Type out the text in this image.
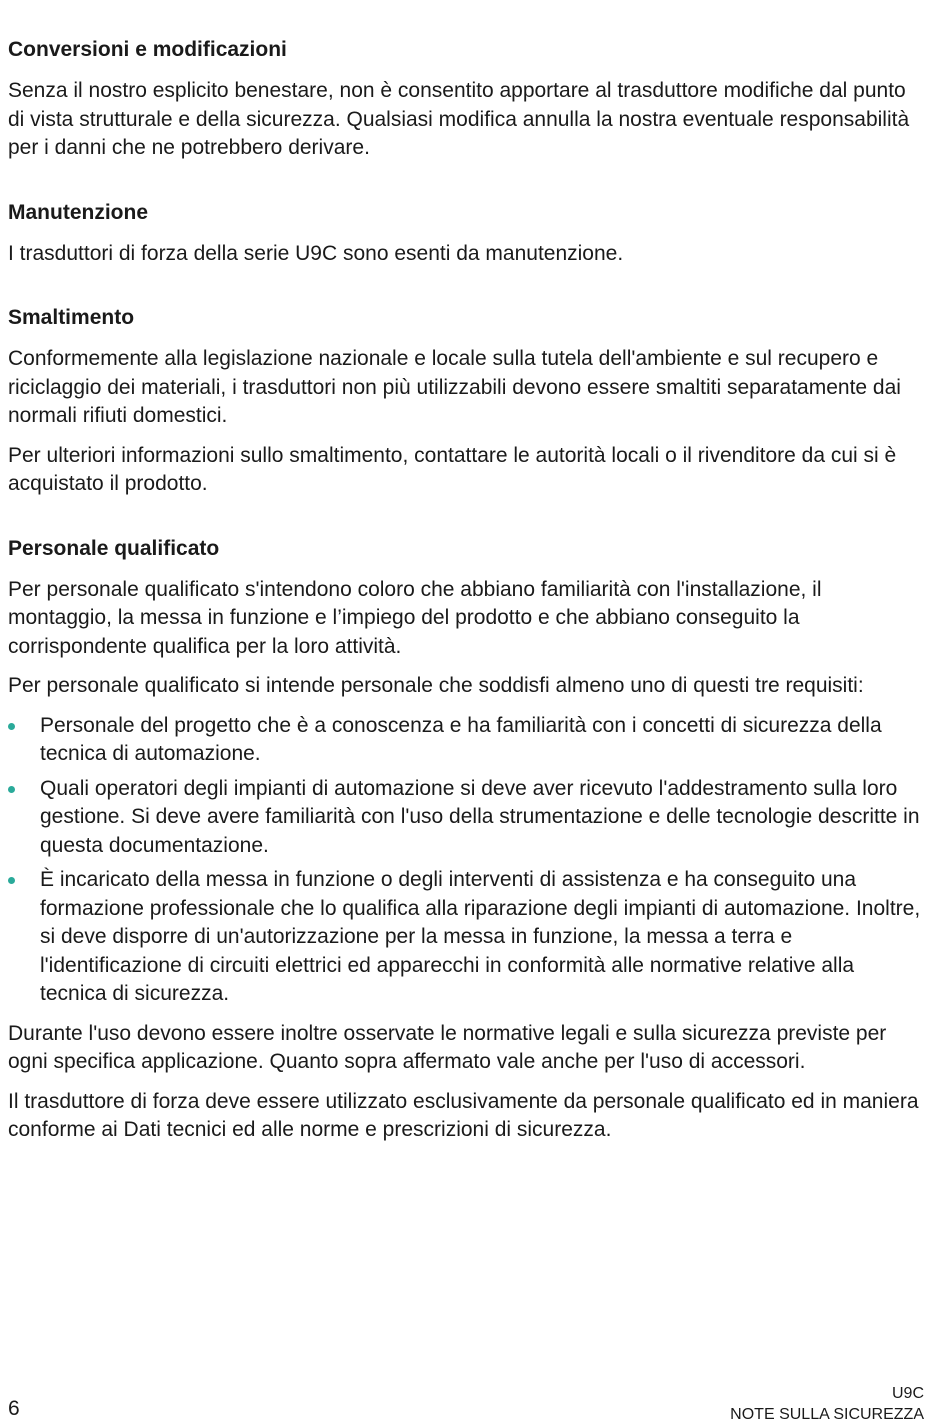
Conversioni e modificazioni

Senza il nostro esplicito benestare, non è consentito apportare al trasduttore modifiche dal punto di vista strutturale e della sicurezza. Qualsiasi modifica annulla la nostra eventuale responsabilità per i danni che ne potrebbero derivare.

Manutenzione

I trasduttori di forza della serie U9C sono esenti da manutenzione.

Smaltimento

Conformemente alla legislazione nazionale e locale sulla tutela dell'ambiente e sul recupero e riciclaggio dei materiali, i trasduttori non più utilizzabili devono essere smaltiti separatamente dai normali rifiuti domestici.

Per ulteriori informazioni sullo smaltimento, contattare le autorità locali o il rivenditore da cui si è acquistato il prodotto.

Personale qualificato

Per personale qualificato s'intendono coloro che abbiano familiarità con l'installazione, il montaggio, la messa in funzione e l’impiego del prodotto e che abbiano conseguito la corrispondente qualifica per la loro attività.

Per personale qualificato si intende personale che soddisfi almeno uno di questi tre requisiti:

Personale del progetto che è a conoscenza e ha familiarità con i concetti di sicurezza della tecnica di automazione.
Quali operatori degli impianti di automazione si deve aver ricevuto l'addestramento sulla loro gestione. Si deve avere familiarità con l'uso della strumentazione e delle tecnologie descritte in questa documentazione.
È incaricato della messa in funzione o degli interventi di assistenza e ha conseguito una formazione professionale che lo qualifica alla riparazione degli impianti di automazione. Inoltre, si deve disporre di un'autorizzazione per la messa in funzione, la messa a terra e l'identificazione di circuiti elettrici ed apparecchi in conformità alle normative relative alla tecnica di sicurezza.

Durante l'uso devono essere inoltre osservate le normative legali e sulla sicurezza previste per ogni specifica applicazione. Quanto sopra affermato vale anche per l'uso di accessori.

Il trasduttore di forza deve essere utilizzato esclusivamente da personale qualificato ed in maniera conforme ai Dati tecnici ed alle norme e prescrizioni di sicurezza.

6
U9C
NOTE SULLA SICUREZZA
